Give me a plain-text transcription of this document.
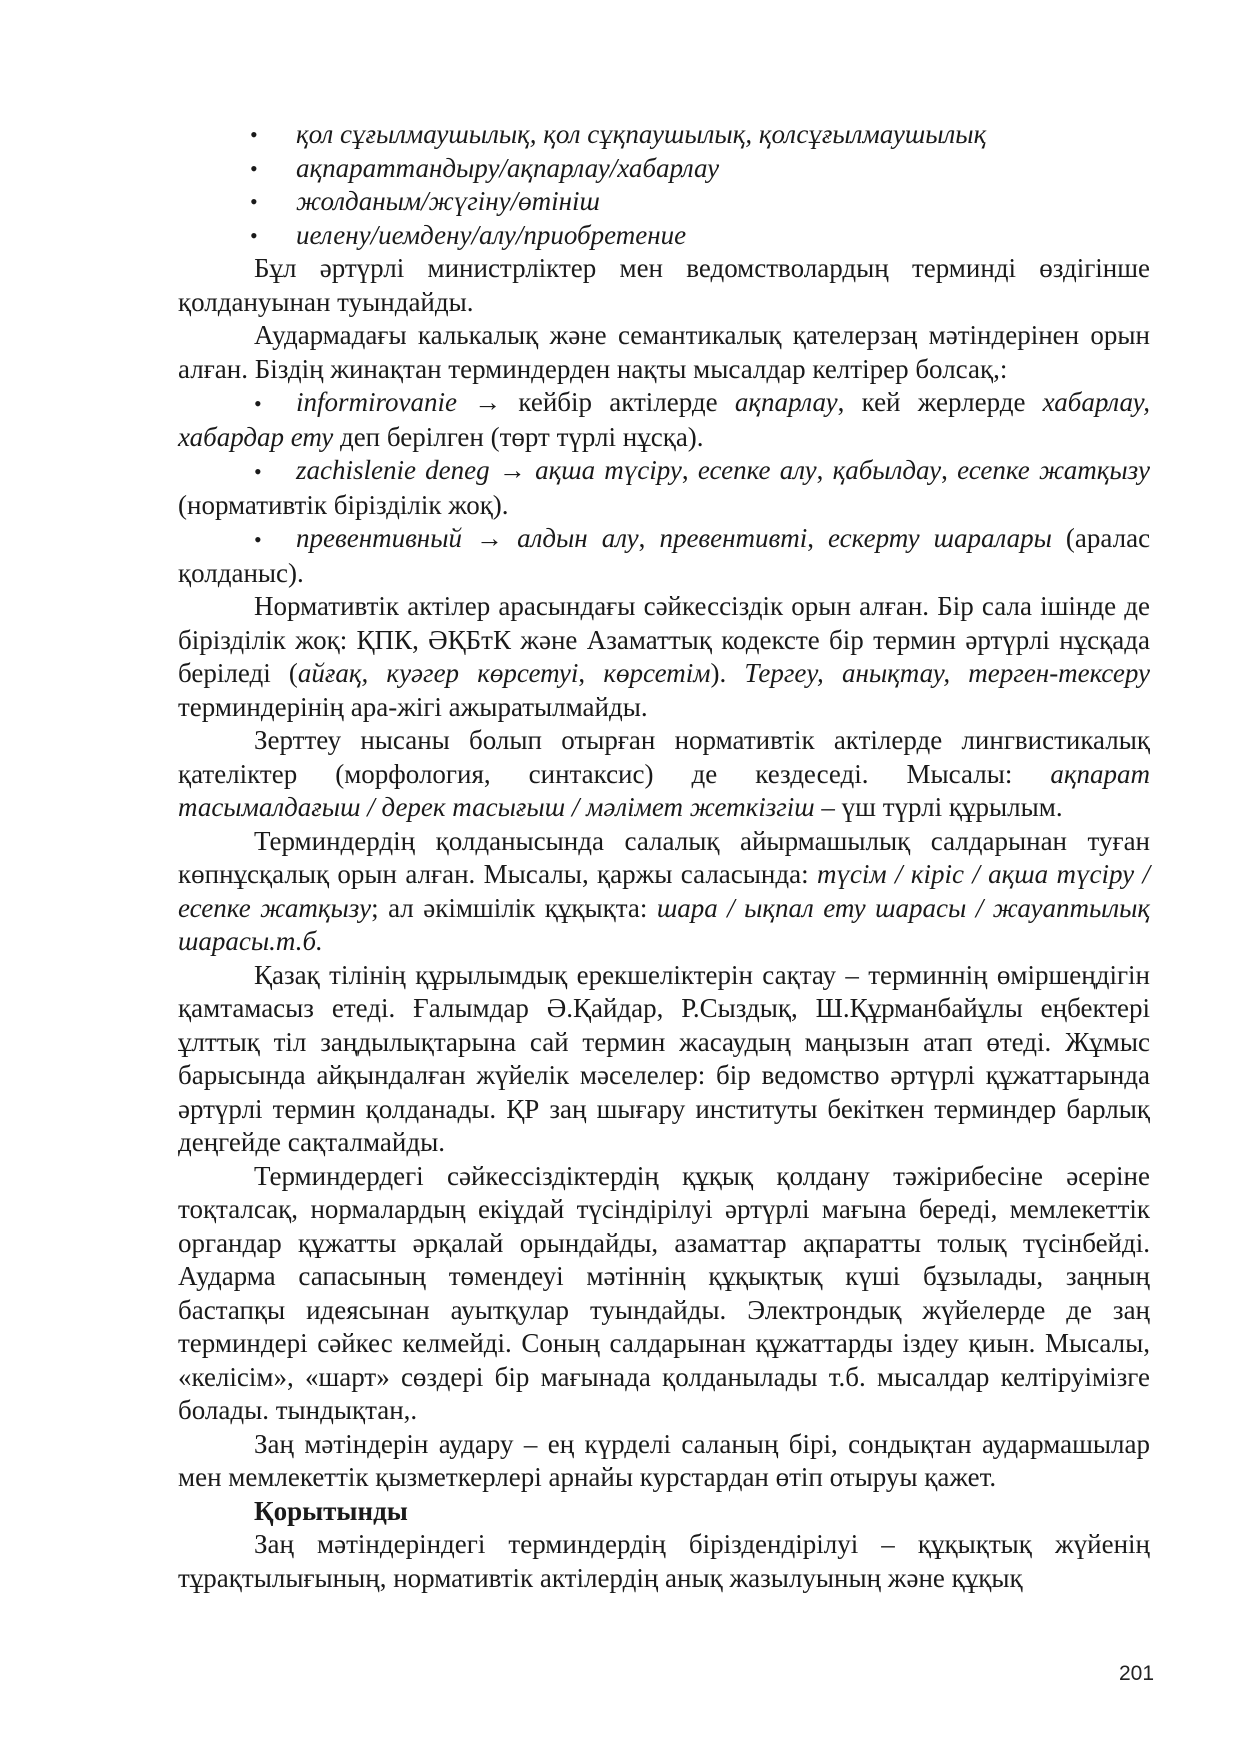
• қол сұғылмаушылық, қол сұқпаушылық, қолсұғылмаушылық

• ақпараттандыру/ақпарлау/хабарлау

• жолданым/жүгіну/өтініш

• иелену/иемдену/алу/приобретение

Бұл әртүрлі министрліктер мен ведомстволардың терминді өздігінше қолдануынан туындайды.

Аудармадағы калькалық және семантикалық қателерзаң мәтіндерінен орын алған. Біздің жинақтан терминдерден нақты мысалдар келтірер болсақ,:

• informirovanie → кейбір актілерде ақпарлау, кей жерлерде хабарлау, хабардар ету деп берілген (төрт түрлі нұсқа).

• zachislenie deneg → ақша түсіру, есепке алу, қабылдау, есепке жатқызу (нормативтік біріздiлік жоқ).

• превентивный → алдын алу, превентивті, ескерту шаралары (аралас қолданыс).

Нормативтік актілер арасындағы сәйкессіздік орын алған. Бір сала ішінде де біріздiлік жоқ: ҚПК, ӘҚБтК және Азаматтық кодексте бір термин әртүрлі нұсқада беріледі (айғақ, куәгер көрсетуі, көрсетім). Тергеу, анықтау, терген-тексеру терминдерінің ара-жігі ажыратылмайды.

Зерттеу нысаны болып отырған нормативтік актілерде лингвистикалық қателіктер (морфология, синтаксис) де кездеседі. Мысалы: ақпарат тасымалдағыш / дерек тасығыш / мәлімет жеткізгіш – үш түрлі құрылым.

Терминдердің қолданысында салалық айырмашылық салдарынан туған көпнұсқалық орын алған. Мысалы, қаржы саласында: түсім / кіріс / ақша түсіру / есепке жатқызу; ал әкімшілік құқықта: шара / ықпал ету шарасы / жауаптылық шарасы.т.б.

Қазақ тілінің құрылымдық ерекшеліктерін сақтау – терминнің өміршеңдігін қамтамасыз етеді. Ғалымдар Ә.Қайдар, Р.Сыздық, Ш.Құрманбайұлы еңбектері ұлттық тіл заңдылықтарына сай термин жасаудың маңызын атап өтеді. Жұмыс барысында айқындалған жүйелік мәселелер: бір ведомство әртүрлі құжаттарында әртүрлі термин қолданады. ҚР заң шығару институты бекіткен терминдер барлық деңгейде сақталмайды.

Терминдердегі сәйкессіздіктердің құқық қолдану тәжірибесіне әсеріне тоқталсақ, нормалардың екіұдай түсіндірілуі әртүрлі мағына береді, мемлекеттік органдар құжатты әрқалай орындайды, азаматтар ақпаратты толық түсінбейді. Аударма сапасының төмендеуі мәтіннің құқықтық күші бұзылады, заңның бастапқы идеясынан ауытқулар туындайды. Электрондық жүйелерде де заң терминдері сәйкес келмейді. Соның салдарынан құжаттарды іздеу қиын. Мысалы, «келісім», «шарт» сөздері бір мағынада қолданылады т.б. мысалдар келтіруімізге болады. тындықтан,.

Заң мәтіндерін аудару – ең күрделі саланың бірі, сондықтан аудармашылар мен мемлекеттік қызметкерлері арнайы курстардан өтіп отыруы қажет.

Қорытынды

Заң мәтіндеріндегі терминдердің біріздендірілуі – құқықтық жүйенің тұрақтылығының, нормативтік актілердің анық жазылуының және құқық

201
